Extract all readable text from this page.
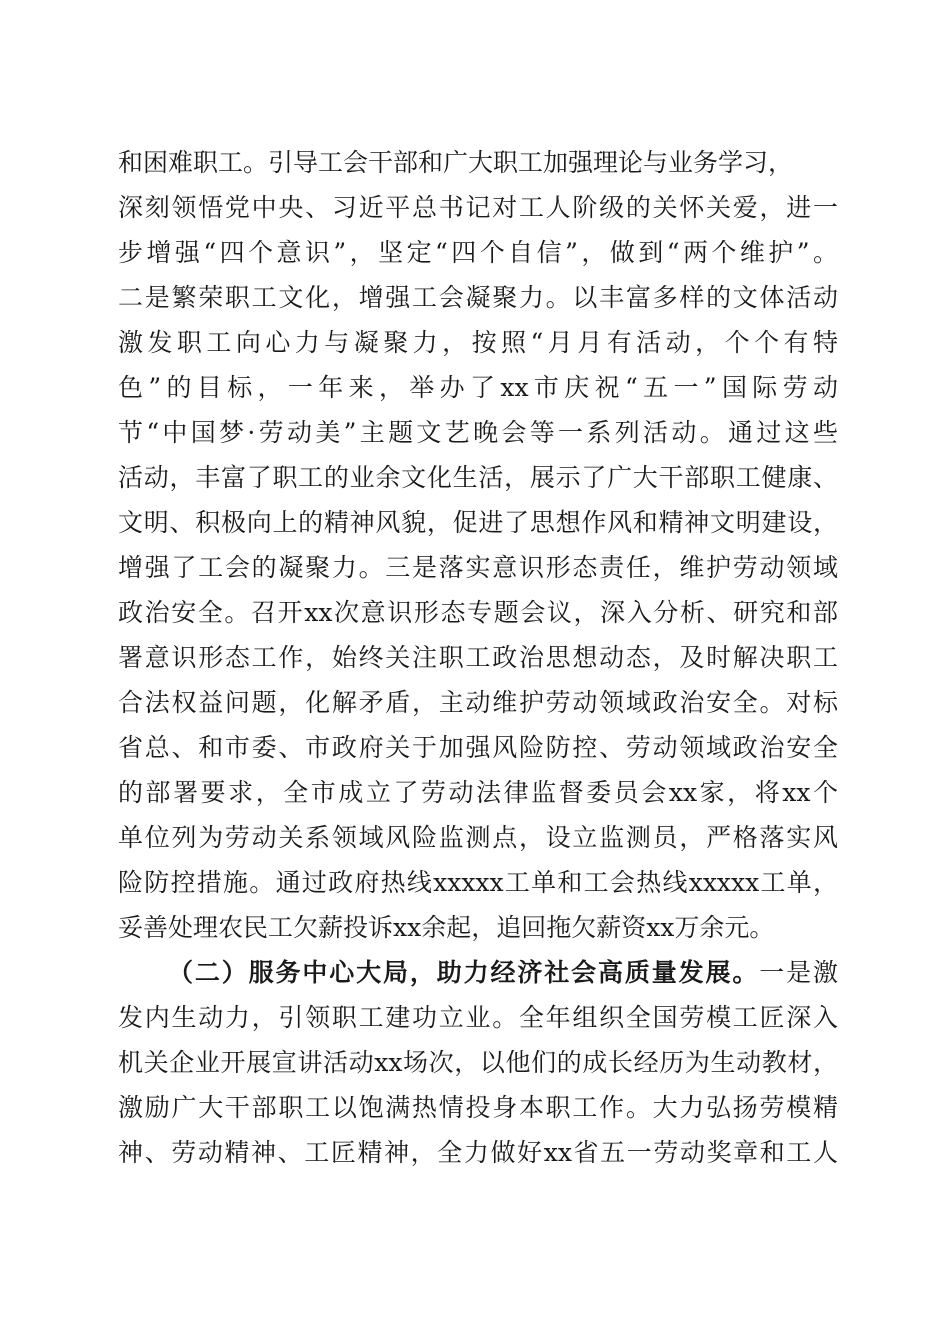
和困难职工。引导工会干部和广大职工加强理论与业务学习，
深刻领悟党中央、习近平总书记对工人阶级的关怀关爱，进一
步增强“四个意识”，坚定“四个自信”，做到“两个维护”。
二是繁荣职工文化，增强工会凝聚力。以丰富多样的文体活动
激发职工向心力与凝聚力，按照“月月有活动，个个有特
色”的目标，一年来，举办了xx市庆祝“五一”国际劳动
节“中国梦·劳动美”主题文艺晚会等一系列活动。通过这些
活动，丰富了职工的业余文化生活，展示了广大干部职工健康、
文明、积极向上的精神风貌，促进了思想作风和精神文明建设，
增强了工会的凝聚力。三是落实意识形态责任，维护劳动领域
政治安全。召开xx次意识形态专题会议，深入分析、研究和部
署意识形态工作，始终关注职工政治思想动态，及时解决职工
合法权益问题，化解矛盾，主动维护劳动领域政治安全。对标
省总、和市委、市政府关于加强风险防控、劳动领域政治安全
的部署要求，全市成立了劳动法律监督委员会xx家，将xx个
单位列为劳动关系领域风险监测点，设立监测员，严格落实风
险防控措施。通过政府热线xxxxx工单和工会热线xxxxx工单，
妥善处理农民工欠薪投诉xx余起，追回拖欠薪资xx万余元。
（二）服务中心大局，助力经济社会高质量发展。一是激
发内生动力，引领职工建功立业。全年组织全国劳模工匠深入
机关企业开展宣讲活动xx场次，以他们的成长经历为生动教材，
激励广大干部职工以饱满热情投身本职工作。大力弘扬劳模精
神、劳动精神、工匠精神，全力做好xx省五一劳动奖章和工人
